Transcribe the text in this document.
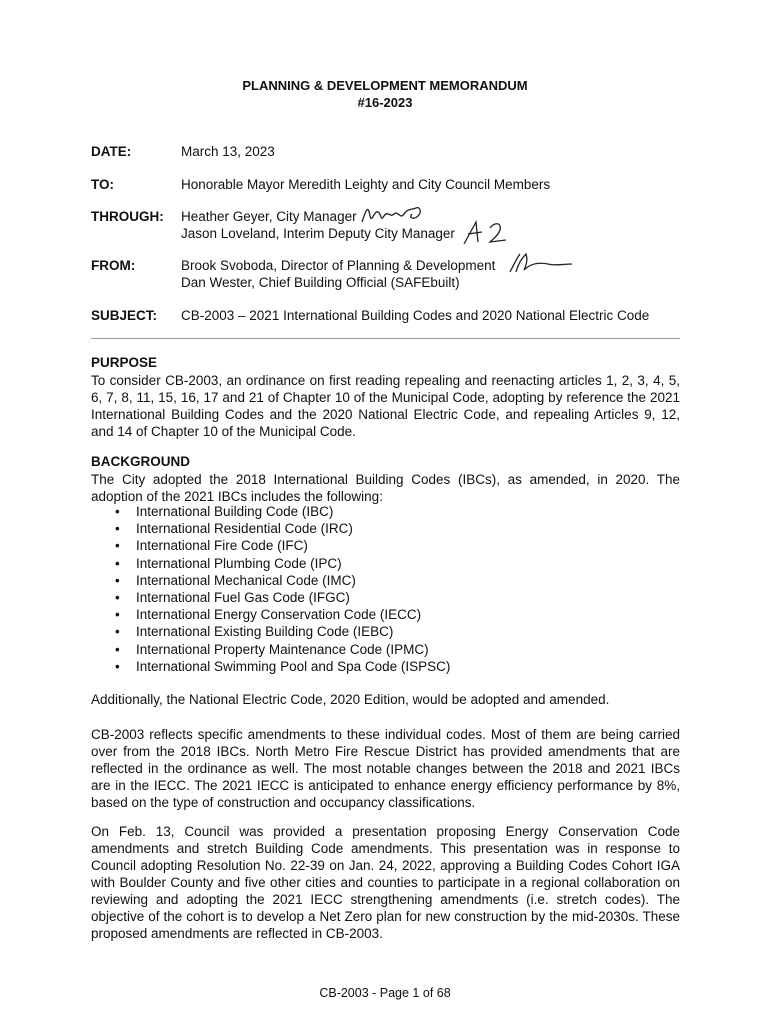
PLANNING & DEVELOPMENT MEMORANDUM
#16-2023
DATE:	March 13, 2023
TO:	Honorable Mayor Meredith Leighty and City Council Members
THROUGH: Heather Geyer, City Manager
Jason Loveland, Interim Deputy City Manager
FROM:	Brook Svoboda, Director of Planning & Development
Dan Wester, Chief Building Official (SAFEbuilt)
SUBJECT: CB-2003 – 2021 International Building Codes and 2020 National Electric Code
PURPOSE
To consider CB-2003, an ordinance on first reading repealing and reenacting articles 1, 2, 3, 4, 5, 6, 7, 8, 11, 15, 16, 17 and 21 of Chapter 10 of the Municipal Code, adopting by reference the 2021 International Building Codes and the 2020 National Electric Code, and repealing Articles 9, 12, and 14 of Chapter 10 of the Municipal Code.
BACKGROUND
The City adopted the 2018 International Building Codes (IBCs), as amended, in 2020. The adoption of the 2021 IBCs includes the following:
• International Building Code (IBC)
• International Residential Code (IRC)
• International Fire Code (IFC)
• International Plumbing Code (IPC)
• International Mechanical Code (IMC)
• International Fuel Gas Code (IFGC)
• International Energy Conservation Code (IECC)
• International Existing Building Code (IEBC)
• International Property Maintenance Code (IPMC)
• International Swimming Pool and Spa Code (ISPSC)
Additionally, the National Electric Code, 2020 Edition, would be adopted and amended.
CB-2003 reflects specific amendments to these individual codes. Most of them are being carried over from the 2018 IBCs. North Metro Fire Rescue District has provided amendments that are reflected in the ordinance as well. The most notable changes between the 2018 and 2021 IBCs are in the IECC. The 2021 IECC is anticipated to enhance energy efficiency performance by 8%, based on the type of construction and occupancy classifications.
On Feb. 13, Council was provided a presentation proposing Energy Conservation Code amendments and stretch Building Code amendments. This presentation was in response to Council adopting Resolution No. 22-39 on Jan. 24, 2022, approving a Building Codes Cohort IGA with Boulder County and five other cities and counties to participate in a regional collaboration on reviewing and adopting the 2021 IECC strengthening amendments (i.e. stretch codes). The objective of the cohort is to develop a Net Zero plan for new construction by the mid-2030s. These proposed amendments are reflected in CB-2003.
CB-2003 - Page 1 of 68
